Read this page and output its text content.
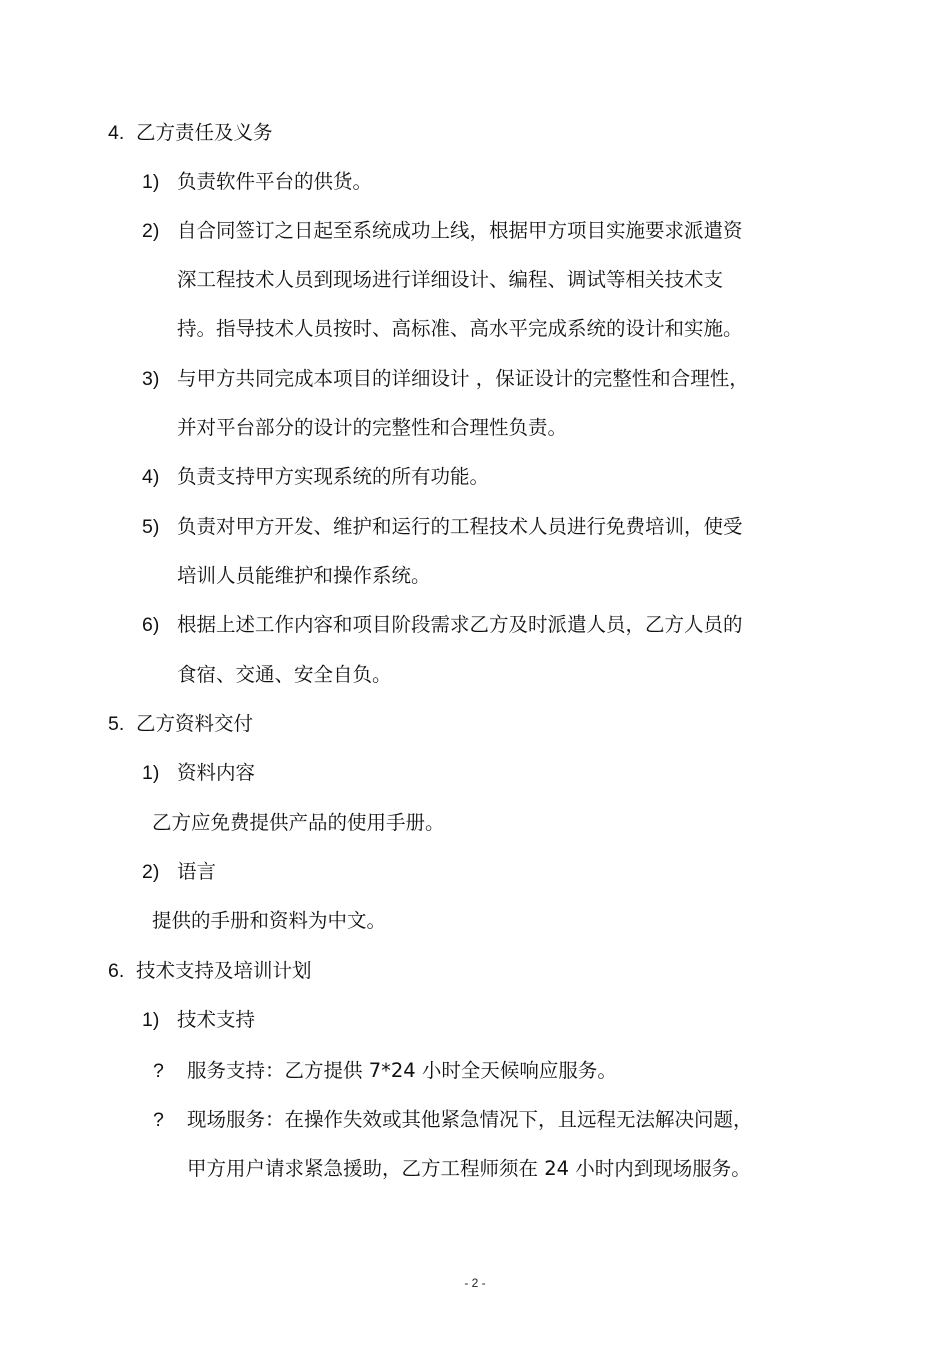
4. 乙方责任及义务
1) 负责软件平台的供货。
2) 自合同签订之日起至系统成功上线，根据甲方项目实施要求派遣资
深工程技术人员到现场进行详细设计、编程、调试等相关技术支
持。指导技术人员按时、高标准、高水平完成系统的设计和实施。
3) 与甲方共同完成本项目的详细设计 ，保证设计的完整性和合理性，
并对平台部分的设计的完整性和合理性负责。
4) 负责支持甲方实现系统的所有功能。
5) 负责对甲方开发、维护和运行的工程技术人员进行免费培训，使受
培训人员能维护和操作系统。
6) 根据上述工作内容和项目阶段需求乙方及时派遣人员，乙方人员的
食宿、交通、安全自负。
5. 乙方资料交付
1) 资料内容
乙方应免费提供产品的使用手册。
2) 语言
提供的手册和资料为中文。
6. 技术支持及培训计划
1) 技术支持
? 服务支持：乙方提供 7*24 小时全天候响应服务。
? 现场服务：在操作失效或其他紧急情况下，且远程无法解决问题，
甲方用户请求紧急援助，乙方工程师须在 24 小时内到现场服务。
- 2 -
